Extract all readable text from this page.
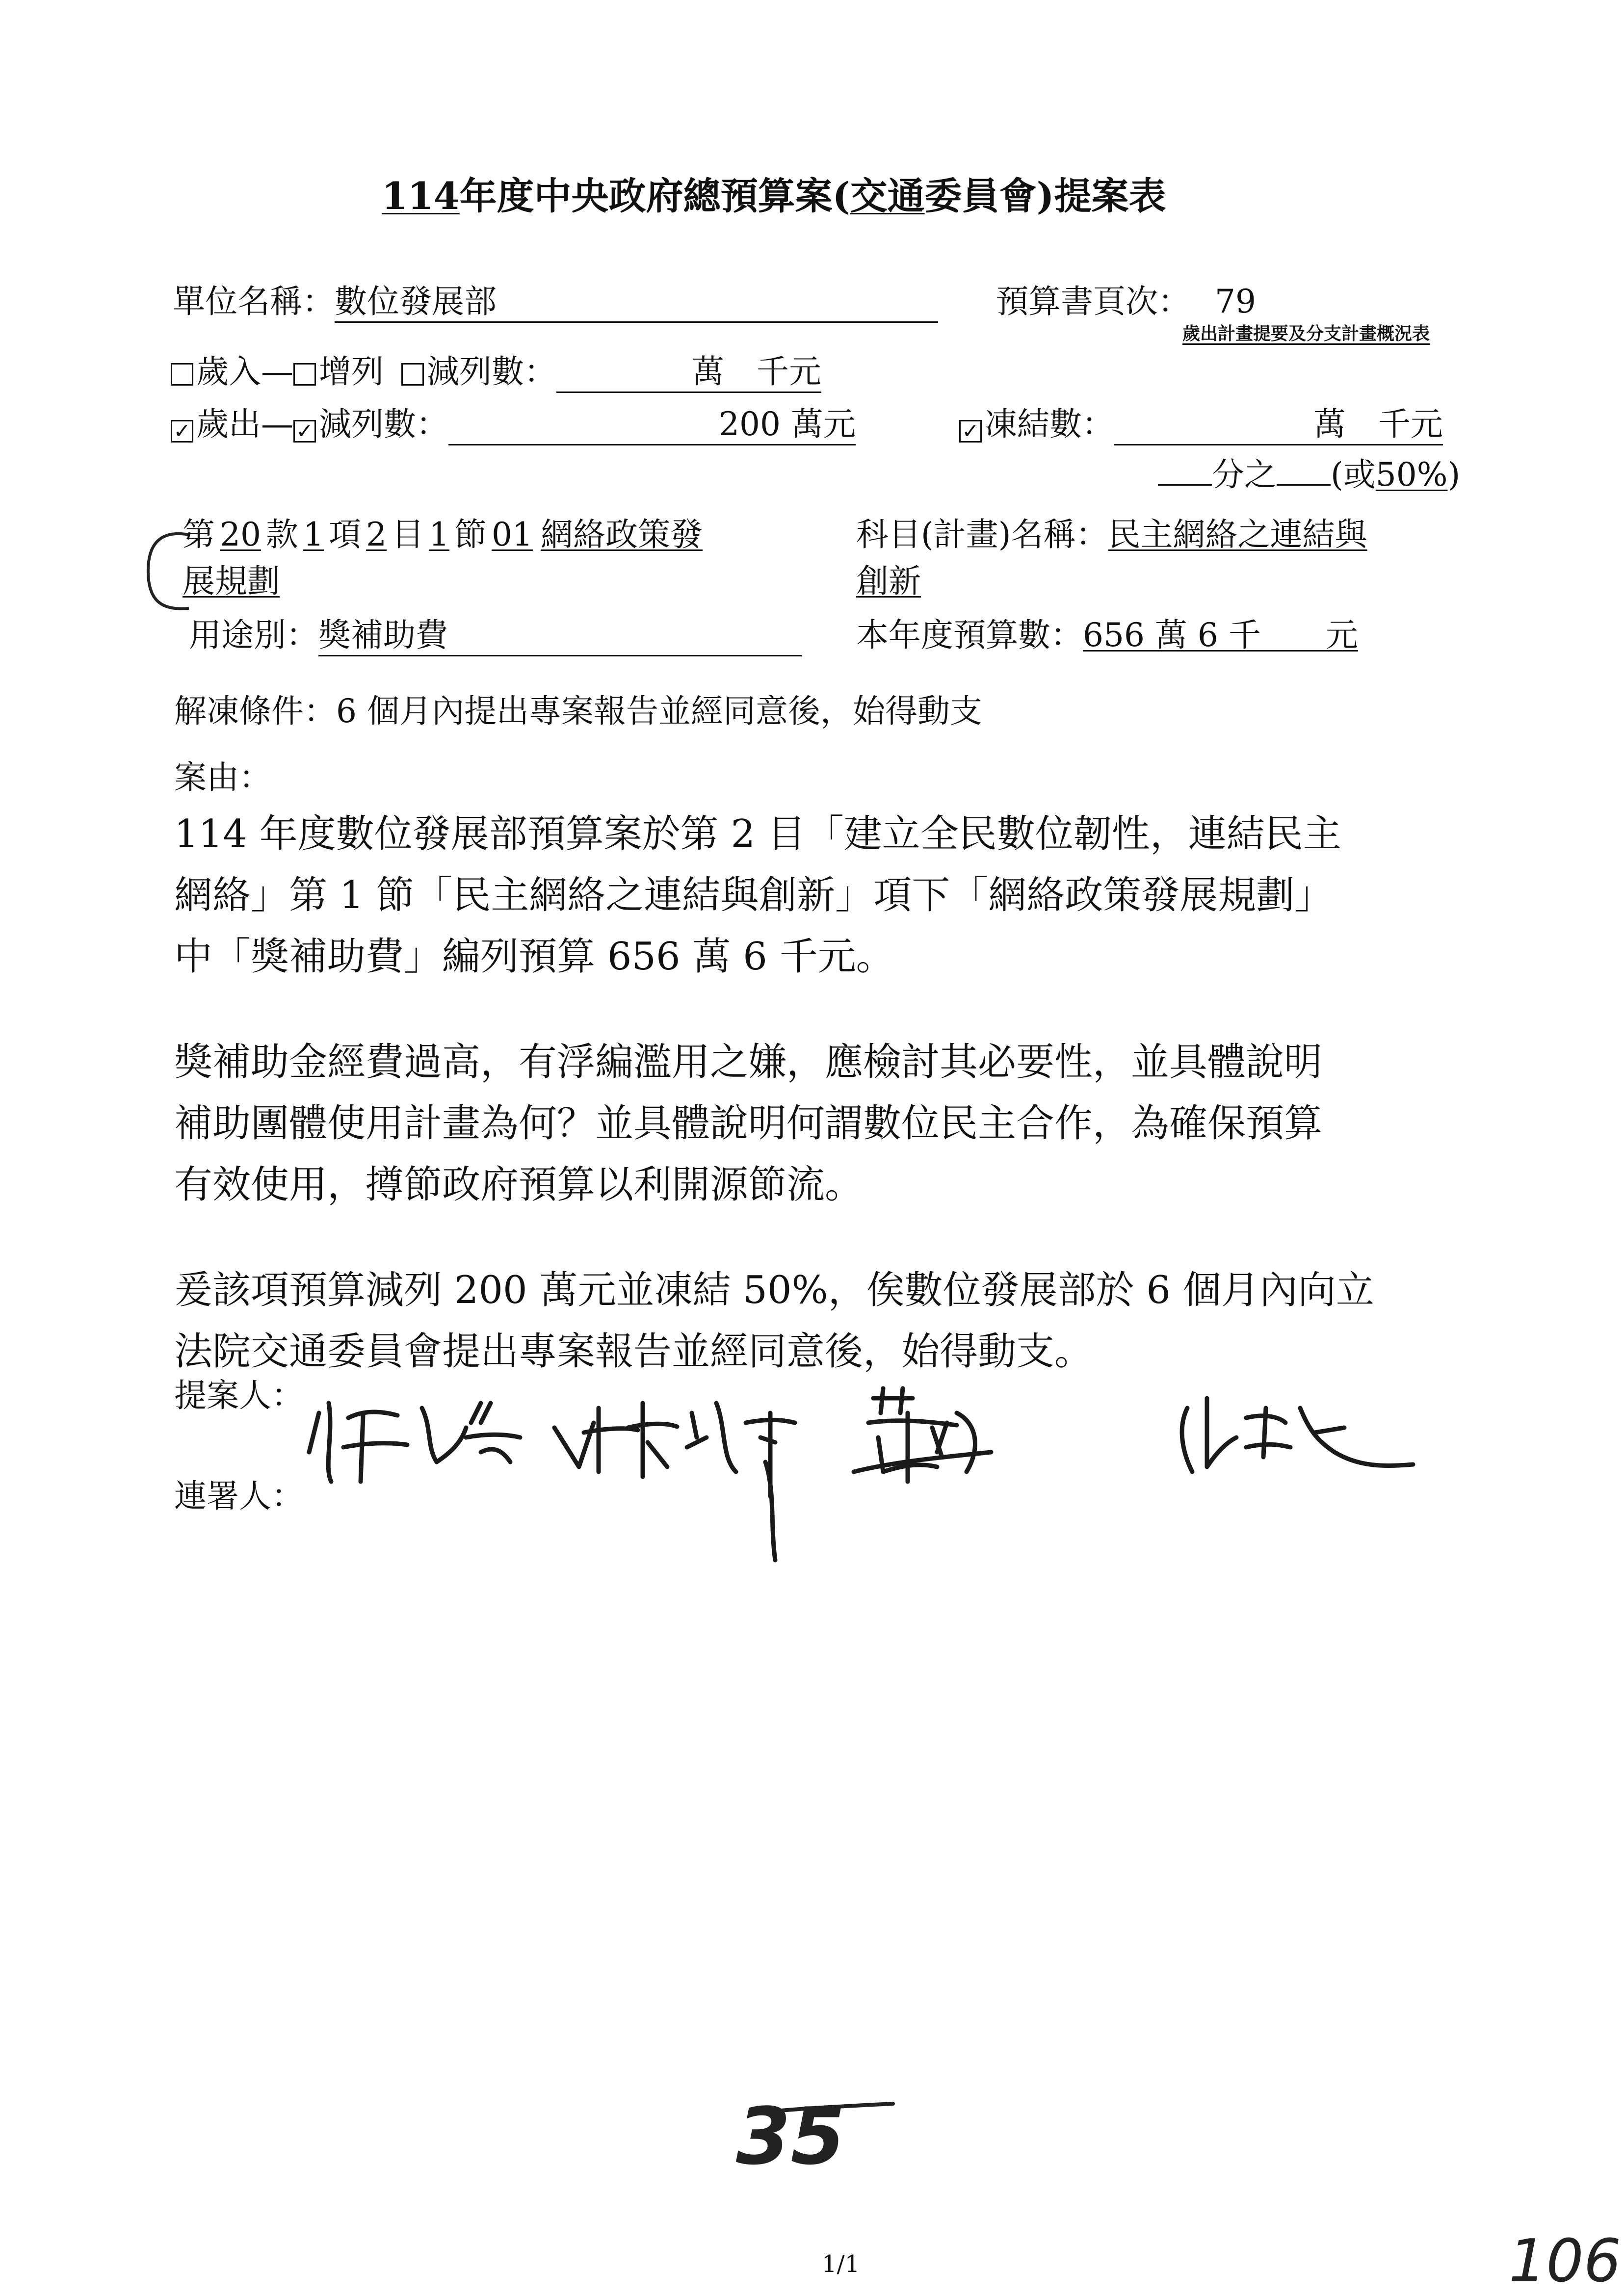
114年度中央政府總預算案(交通委員會)提案表
單位名稱：數位發展部	預算書頁次： 79
歲出計畫提要及分支計畫概況表
歲入— 增列 減列數：	萬　千元
✓ 歲出— ✓ 減列數：	200 萬元	✓ 凍結數：	萬　千元
分之 (或50%)
第 20 款 1 項 2 目 1 節 01 網絡政策發
展規劃
科目(計畫)名稱：民主網絡之連結與
創新
用途別：獎補助費	本年度預算數：656 萬 6 千　　元
解凍條件：6 個月內提出專案報告並經同意後，始得動支
案由：
114 年度數位發展部預算案於第 2 目「建立全民數位韌性，連結民主
網絡」第 1 節「民主網絡之連結與創新」項下「網絡政策發展規劃」
中「獎補助費」編列預算 656 萬 6 千元。
獎補助金經費過高，有浮編濫用之嫌，應檢討其必要性，並具體說明
補助團體使用計畫為何？並具體說明何謂數位民主合作，為確保預算
有效使用，撙節政府預算以利開源節流。
爰該項預算減列 200 萬元並凍結 50%，俟數位發展部於 6 個月內向立
法院交通委員會提出專案報告並經同意後，始得動支。
提案人：
連署人：
35
1/1	106
